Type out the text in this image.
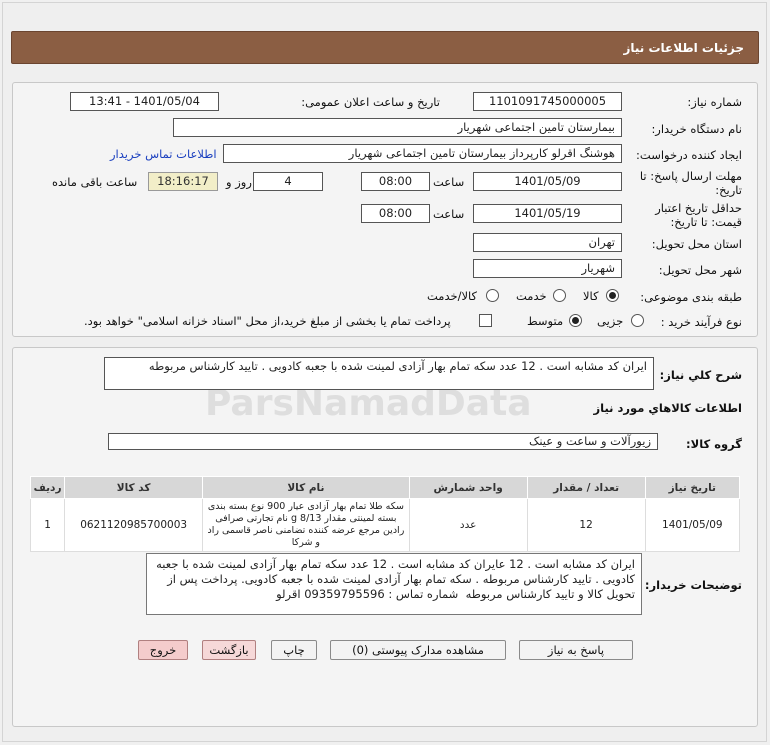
جزئیات اطلاعات نیاز
شماره نیاز:
1101091745000005
تاریخ و ساعت اعلان عمومی:
1401/05/04 - 13:41
نام دستگاه خریدار:
بیمارستان تامین اجتماعی شهریار
ایجاد کننده درخواست:
هوشنگ اقرلو کارپرداز بیمارستان تامین اجتماعی شهریار
اطلاعات تماس خریدار
مهلت ارسال پاسخ: تا
تاریخ:
1401/05/09
ساعت
08:00
4
روز و
18:16:17
ساعت باقی مانده
حداقل تاریخ اعتبار
قیمت: تا تاریخ:
1401/05/19
ساعت
08:00
استان محل تحویل:
تهران
شهر محل تحویل:
شهریار
طبقه بندی موضوعی:
کالا
خدمت
کالا/خدمت
نوع فرآیند خرید :
جزیی
متوسط
پرداخت تمام یا بخشی از مبلغ خرید،از محل "اسناد خزانه اسلامی" خواهد بود.
شرح کلي نياز:
ایران کد مشابه است . 12 عدد سکه تمام بهار آزادی لمینت شده با جعبه کادویی . تایید کارشناس مربوطه
اطلاعات کالاهاي مورد نياز
گروه کالا:
زیورآلات و ساعت و عینک
تاریخ نیاز	تعداد / مقدار	واحد شمارش	نام کالا	کد کالا	ردیف
1401/05/09	12	عدد	سکه طلا تمام بهار آزادی عیار 900 نوع بسته بندی بسته لمینتی مقدار 8/13 g نام تجارتی صرافی رادین مرجع عرضه کننده تضامنی ناصر قاسمی راد و شرکا	0621120985700003	1
توضیحات خریدار:
ایران کد مشابه است . 12 عایران کد مشابه است . 12 عدد سکه تمام بهار آزادی لمینت شده با جعبه کادویی . تایید کارشناس مربوطه . سکه تمام بهار آزادی لمینت شده با جعبه کادویی. پرداخت پس از تحویل کالا و تایید کارشناس مربوطه  شماره تماس : 09359795596 اقرلو
پاسخ به نیاز
مشاهده مدارک پیوستی (0)
چاپ
بازگشت
خروج
